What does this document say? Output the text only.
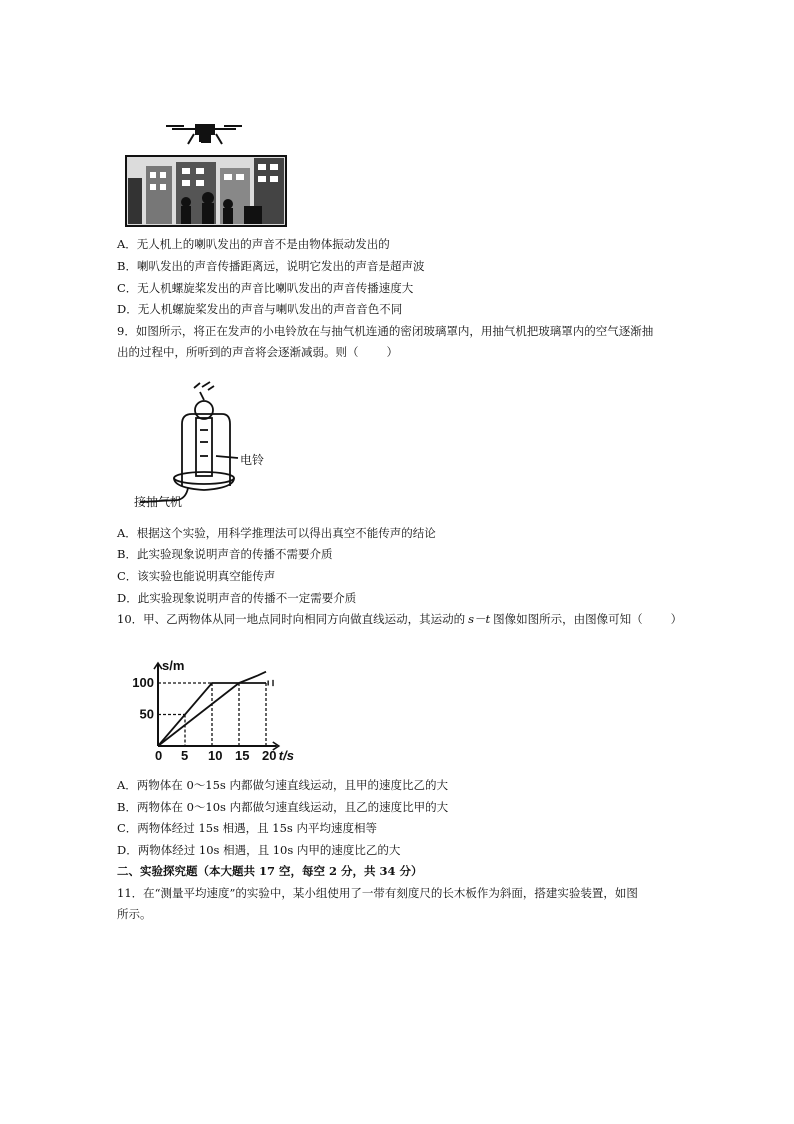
A．无人机上的喇叭发出的声音不是由物体振动发出的
B．喇叭发出的声音传播距离远，说明它发出的声音是超声波
C．无人机螺旋桨发出的声音比喇叭发出的声音传播速度大
D．无人机螺旋桨发出的声音与喇叭发出的声音音色不同
9．如图所示，将正在发声的小电铃放在与抽气机连通的密闭玻璃罩内，用抽气机把玻璃罩内的空气逐渐抽
出的过程中，所听到的声音将会逐渐减弱。则（ ）
电铃
接抽气机
A．根据这个实验，用科学推理法可以得出真空不能传声的结论
B．此实验现象说明声音的传播不需要介质
C．该实验也能说明真空能传声
D．此实验现象说明声音的传播不一定需要介质
10．甲、乙两物体从同一地点同时向相同方向做直线运动，其运动的 s－t 图像如图所示，由图像可知（ ）
0 5 10 15 20
50
100
s/m
t/s
A．两物体在 0～15s 内都做匀速直线运动，且甲的速度比乙的大
B．两物体在 0～10s 内都做匀速直线运动，且乙的速度比甲的大
C．两物体经过 15s 相遇，且 15s 内平均速度相等
D．两物体经过 10s 相遇，且 10s 内甲的速度比乙的大
二、实验探究题（本大题共 17 空，每空 2 分，共 34 分）
11．在“测量平均速度”的实验中，某小组使用了一带有刻度尺的长木板作为斜面，搭建实验装置，如图
所示。
